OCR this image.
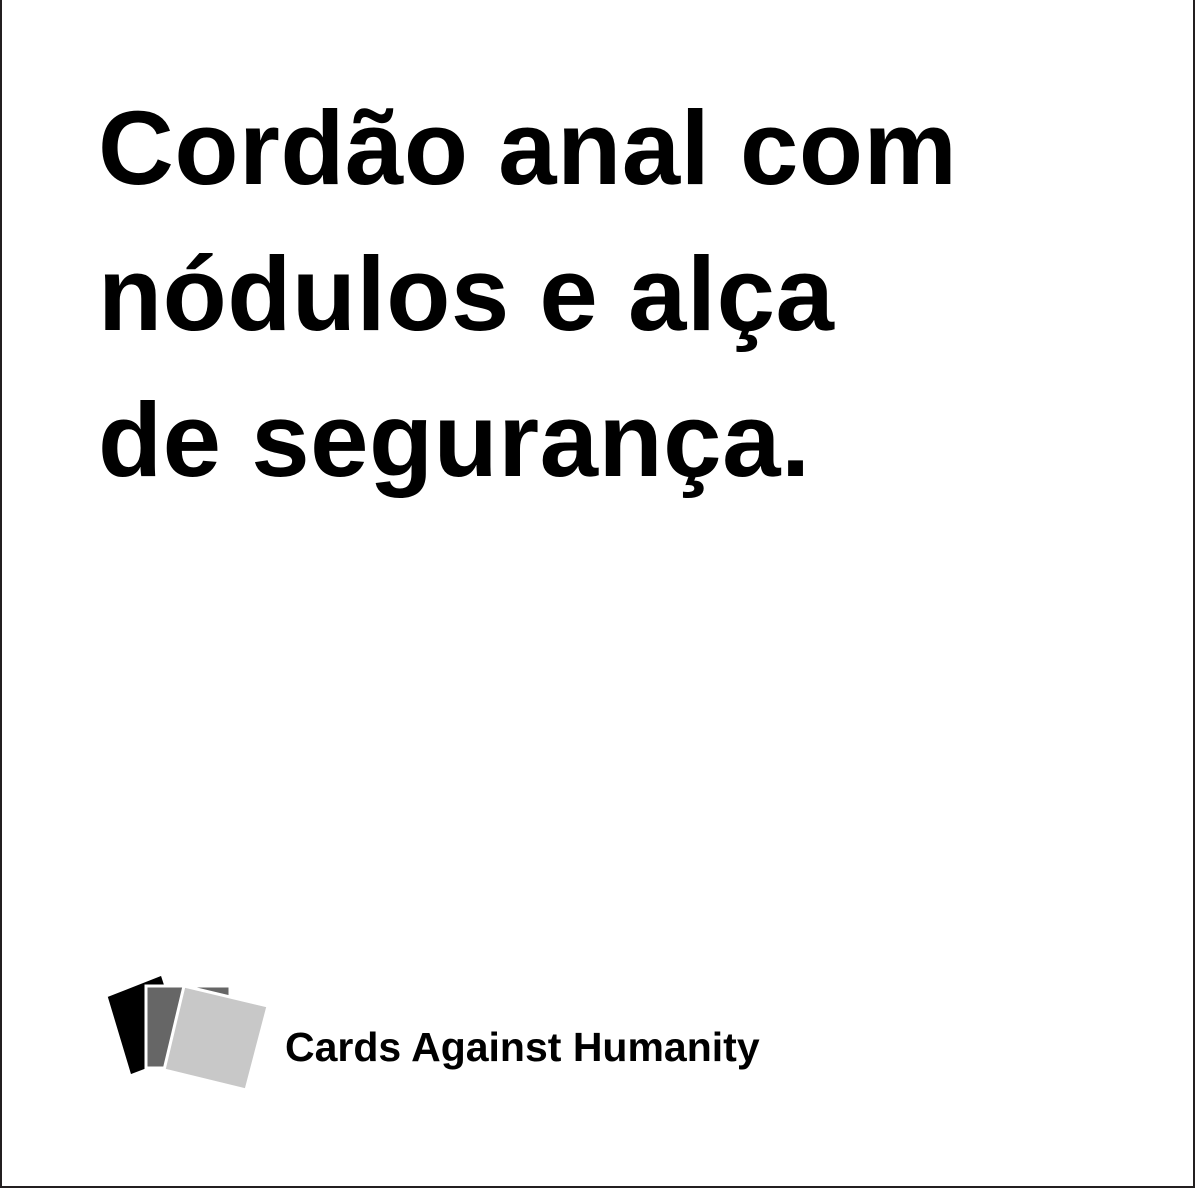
Cordão anal com
nódulos e alça
de segurança.

Cards Against Humanity
